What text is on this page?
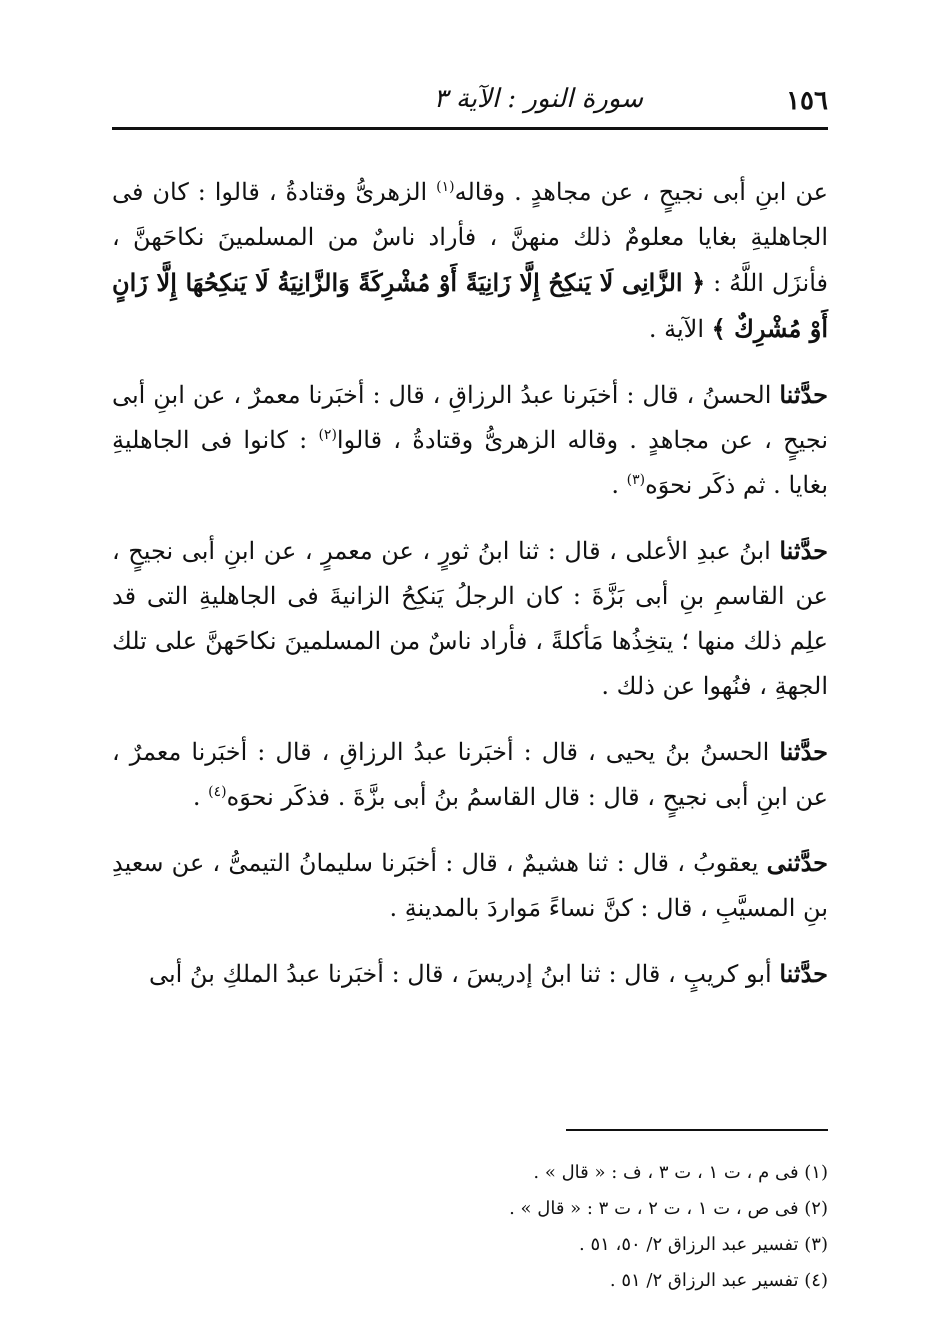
١٥٦
سورة النور : الآية ٣

عن ابنِ أبى نجيحٍ ، عن مجاهدٍ . وقاله$^{(١)}$ الزهرىُّ وقتادةُ ، قالوا : كان فى الجاهليةِ بغايا معلومٌ ذلك منهنَّ ، فأراد ناسٌ من المسلمينَ نكاحَهنَّ ، فأنزَل اللَّهُ : ﴿ الزَّانِى لَا يَنكِحُ إِلَّا زَانِيَةً أَوْ مُشْرِكَةً وَالزَّانِيَةُ لَا يَنكِحُهَا إِلَّا زَانٍ أَوْ مُشْرِكٌ ﴾ الآية .

حدَّثنا الحسنُ ، قال : أخبَرنا عبدُ الرزاقِ ، قال : أخبَرنا معمرٌ ، عن ابنِ أبى نجيحٍ ، عن مجاهدٍ . وقاله الزهرىُّ وقتادةُ ، قالوا$^{(٢)}$ : كانوا فى الجاهليةِ بغايا . ثم ذكَر نحوَه$^{(٣)}$ .

حدَّثنا ابنُ عبدِ الأعلى ، قال : ثنا ابنُ ثورٍ ، عن معمرٍ ، عن ابنِ أبى نجيحٍ ، عن القاسمِ بنِ أبى بَزَّةَ : كان الرجلُ يَنكِحُ الزانيةَ فى الجاهليةِ التى قد علِم ذلك منها ؛ يتخِذُها مَأكلةً ، فأراد ناسٌ من المسلمينَ نكاحَهنَّ على تلك الجهةِ ، فنُهوا عن ذلك .

حدَّثنا الحسنُ بنُ يحيى ، قال : أخبَرنا عبدُ الرزاقِ ، قال : أخبَرنا معمرٌ ، عن ابنِ أبى نجيحٍ ، قال : قال القاسمُ بنُ أبى بزَّةَ . فذكَر نحوَه$^{(٤)}$ .

حدَّثنى يعقوبُ ، قال : ثنا هشيمٌ ، قال : أخبَرنا سليمانُ التيمىُّ ، عن سعيدِ بنِ المسيَّبِ ، قال : كنَّ نساءً مَواردَ بالمدينةِ .

حدَّثنا أبو كريبٍ ، قال : ثنا ابنُ إدريسَ ، قال : أخبَرنا عبدُ الملكِ بنُ أبى

(١) فى م ، ت ١ ، ت ٣ ، ف : « قال » .

(٢) فى ص ، ت ١ ، ت ٢ ، ت ٣ : « قال » .

(٣) تفسير عبد الرزاق ٢/ ٥٠، ٥١ .

(٤) تفسير عبد الرزاق ٢/ ٥١ .
